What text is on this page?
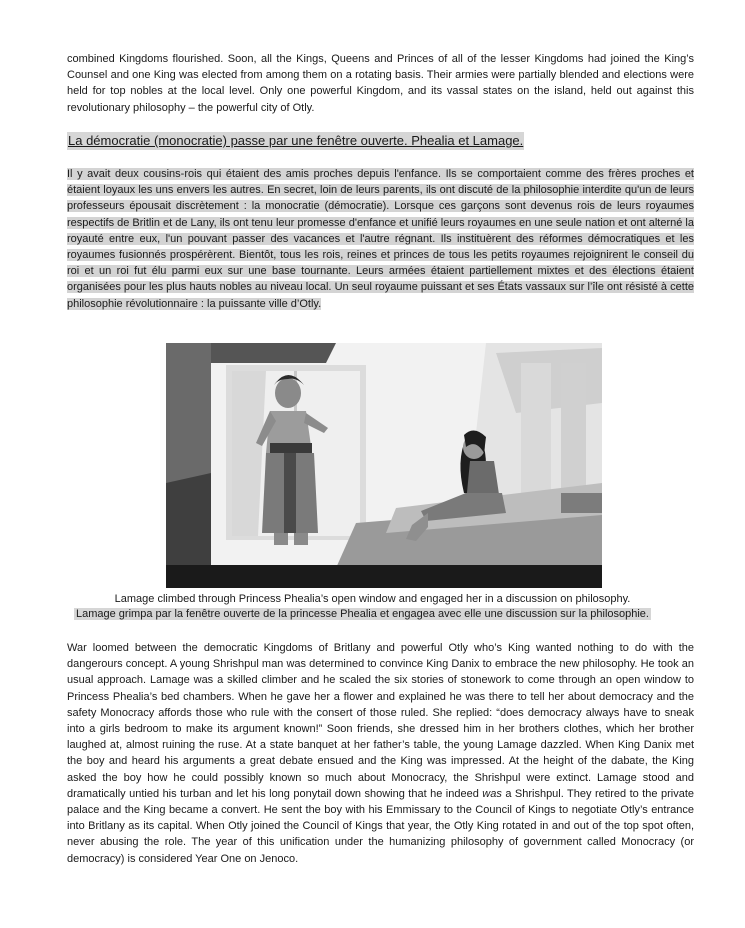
combined Kingdoms flourished. Soon, all the Kings, Queens and Princes of all of the lesser Kingdoms had joined the King’s Counsel and one King was elected from among them on a rotating basis. Their armies were partially blended and elections were held for top nobles at the local level. Only one powerful Kingdom, and its vassal states on the island, held out against this revolutionary philosophy – the powerful city of Otly.

La démocratie (monocratie) passe par une fenêtre ouverte. Phealia et Lamage.

Il y avait deux cousins-rois qui étaient des amis proches depuis l'enfance. Ils se comportaient comme des frères proches et étaient loyaux les uns envers les autres. En secret, loin de leurs parents, ils ont discuté de la philosophie interdite qu'un de leurs professeurs épousait discrètement : la monocratie (démocratie). Lorsque ces garçons sont devenus rois de leurs royaumes respectifs de Britlin et de Lany, ils ont tenu leur promesse d'enfance et unifié leurs royaumes en une seule nation et ont alterné la royauté entre eux, l'un pouvant passer des vacances et l'autre régnant. Ils instituèrent des réformes démocratiques et les royaumes fusionnés prospérèrent. Bientôt, tous les rois, reines et princes de tous les petits royaumes rejoignirent le conseil du roi et un roi fut élu parmi eux sur une base tournante. Leurs armées étaient partiellement mixtes et des élections étaient organisées pour les plus hauts nobles au niveau local. Un seul royaume puissant et ses États vassaux sur l’île ont résisté à cette philosophie révolutionnaire : la puissante ville d’Otly.

Lamage climbed through Princess Phealia’s open window and engaged her in a discussion on philosophy.

Lamage grimpa par la fenêtre ouverte de la princesse Phealia et engagea avec elle une discussion sur la philosophie.

War loomed between the democratic Kingdoms of Britlany and powerful Otly who’s King wanted nothing to do with the dangerours concept. A young Shrishpul man was determined to convince King Danix to embrace the new philosophy. He took an usual approach. Lamage was a skilled climber and he scaled the six stories of stonework to come through an open window to Princess Phealia’s bed chambers. When he gave her a flower and explained he was there to tell her about democracy and the safety Monocracy affords those who rule with the consert of those ruled. She replied: “does democracy always have to sneak into a girls bedroom to make its argument known!” Soon friends, she dressed him in her brothers clothes, which her brother laughed at, almost ruining the ruse. At a state banquet at her father’s table, the young Lamage dazzled. When King Danix met the boy and heard his arguments a great debate ensued and the King was impressed. At the height of the dabate, the King asked the boy how he could possibly known so much about Monocracy, the Shrishpul were extinct. Lamage stood and dramatically untied his turban and let his long ponytail down showing that he indeed was a Shrishpul. They retired to the private palace and the King became a convert. He sent the boy with his Emmissary to the Council of Kings to negotiate Otly’s entrance into Britlany as its capital. When Otly joined the Council of Kings that year, the Otly King rotated in and out of the top spot often, never abusing the role. The year of this unification under the humanizing philosophy of government called Monocracy (or democracy) is considered Year One on Jenoco.
